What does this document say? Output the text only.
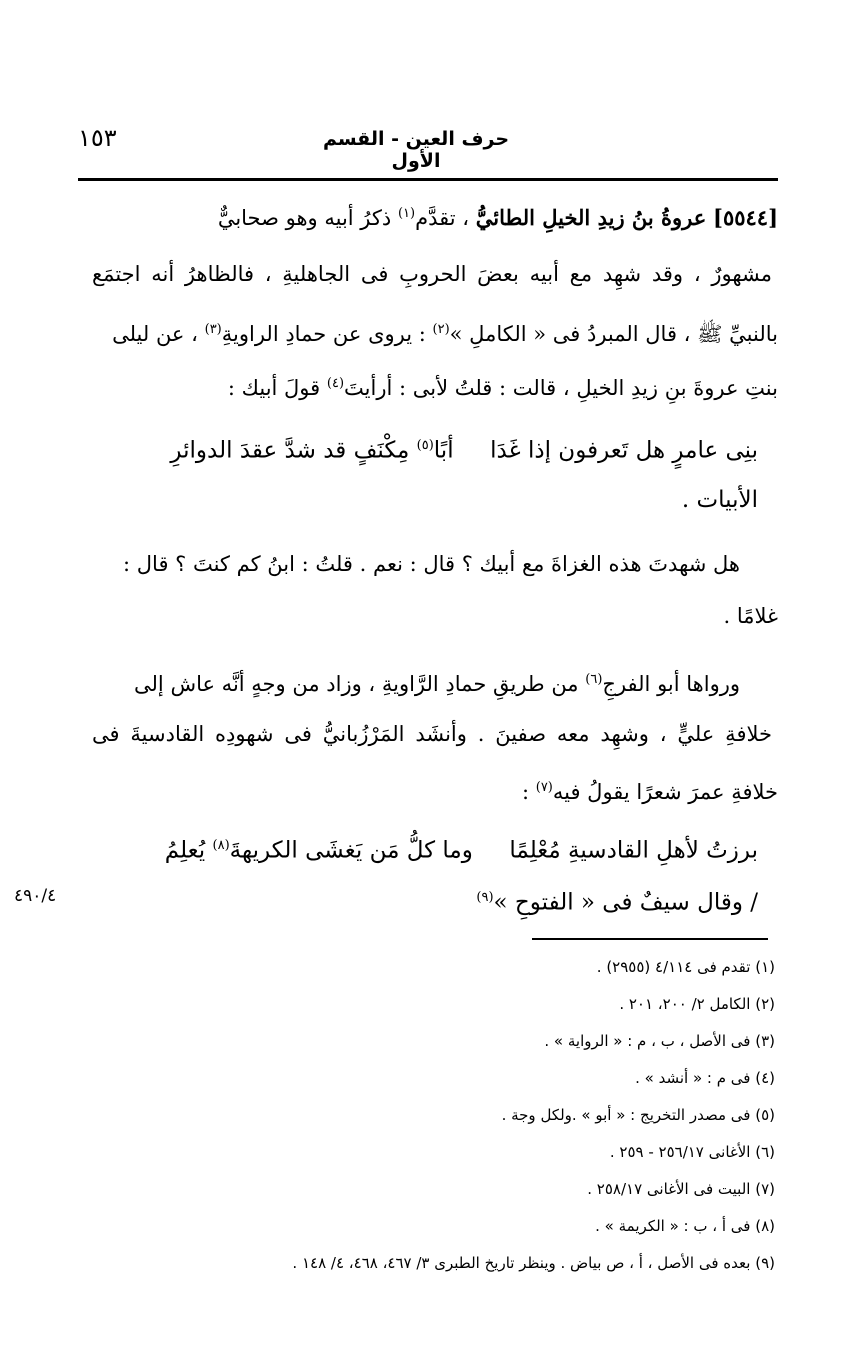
حرف العين - القسم الأول
١٥٣
[٥٥٤٤] عروةُ بنُ زيدِ الخيلِ الطائيُّ ، تقدَّم$^{(١)}$ ذكرُ أبيه وهو صحابيٌّ
مشهورٌ ، وقد شهِد مع أبيه بعضَ الحروبِ فى الجاهليةِ ، فالظاهرُ أنه اجتمَع
بالنبيِّ ﷺ ، قال المبردُ فى « الكاملِ »$^{(٢)}$ : يروى عن حمادِ الراويةِ$^{(٣)}$ ، عن ليلى
بنتِ عروةَ بنِ زيدِ الخيلِ ، قالت : قلتُ لأبى : أرأيتَ$^{(٤)}$ قولَ أبيك :
بنِى عامرٍ هل تَعرفون إذا غَدَا     أبًا$^{(٥)}$ مِكْنَفٍ قد شدَّ عقدَ الدوائرِ
الأبيات .
هل شهدتَ هذه الغزاةَ مع أبيك ؟ قال : نعم . قلتُ : ابنُ كم كنتَ ؟ قال :
غلامًا .
ورواها أبو الفرجِ$^{(٦)}$ من طريقِ حمادِ الرَّاويةِ ، وزاد من وجهٍ أنَّه عاش إلى
خلافةِ عليٍّ ، وشهِد معه صفينَ . وأنشَد المَرْزُبانيُّ فى شهودِه القادسيةَ فى
خلافةِ عمرَ شعرًا يقولُ فيه$^{(٧)}$ :
برزتُ لأهلِ القادسيةِ مُعْلِمًا     وما كلُّ مَن يَغشَى الكريهةَ$^{(٨)}$ يُعلِمُ
/ وقال سيفٌ فى « الفتوحِ »$^{(٩)}$
٤٩٠/٤
(١) تقدم فى ٤/١١٤ (٢٩٥٥) .
(٢) الكامل ٢/ ٢٠٠، ٢٠١ .
(٣) فى الأصل ، ب ، م : « الرواية » .
(٤) فى م : « أنشد » .
(٥) فى مصدر التخريج : « أبو » .ولكل وجة .
(٦) الأغانى ٢٥٦/١٧ - ٢٥٩ .
(٧) البيت فى الأغانى ٢٥٨/١٧ .
(٨) فى أ ، ب : « الكريمة » .
(٩) بعده فى الأصل ، أ ، ص بياض . وينظر تاريخ الطبرى ٣/ ٤٦٧، ٤٦٨، ٤/ ١٤٨ .
